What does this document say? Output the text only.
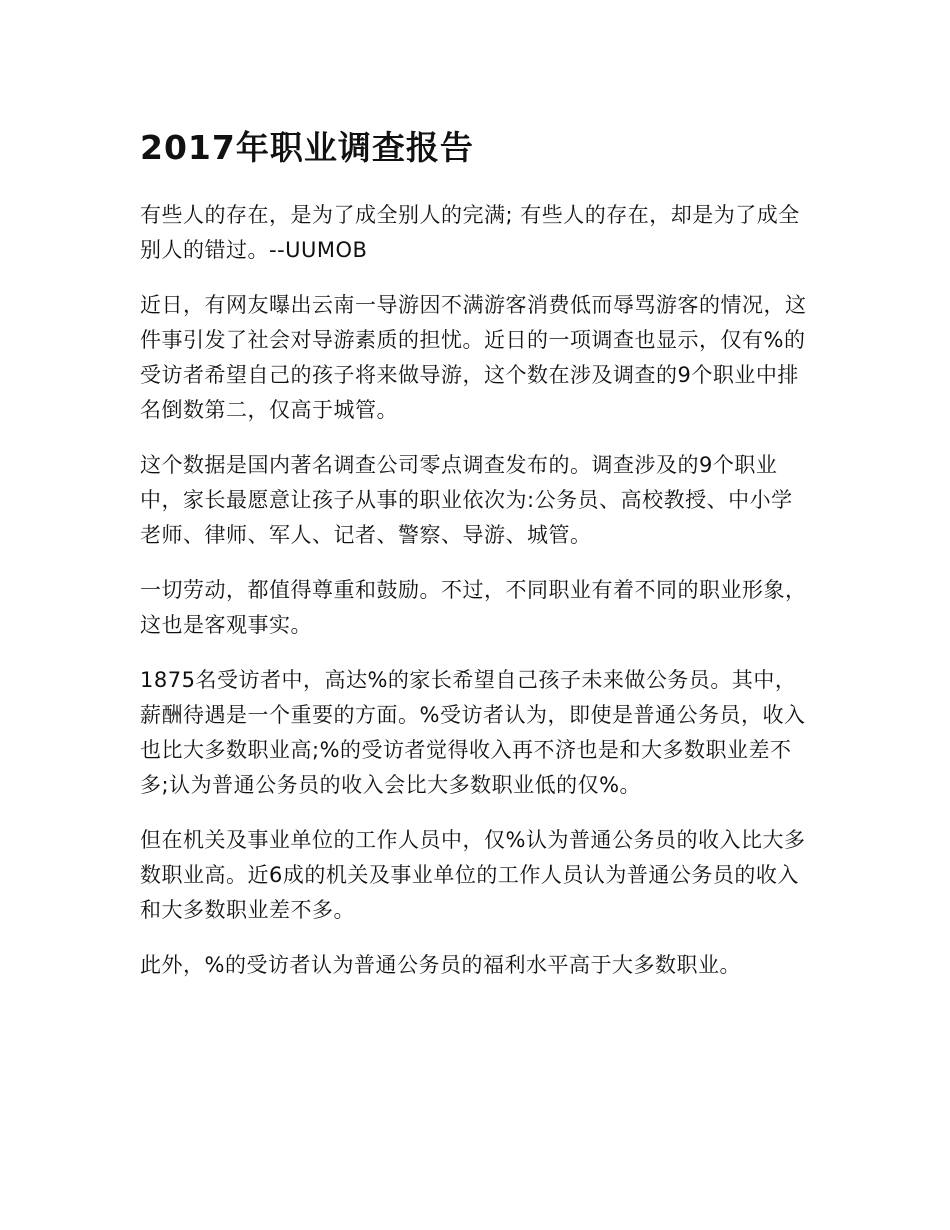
2017年职业调查报告

有些人的存在，是为了成全别人的完满; 有些人的存在，却是为了成全别人的错过。--UUMOB

近日，有网友曝出云南一导游因不满游客消费低而辱骂游客的情况，这件事引发了社会对导游素质的担忧。近日的一项调查也显示，仅有%的受访者希望自己的孩子将来做导游，这个数在涉及调查的9个职业中排名倒数第二，仅高于城管。

这个数据是国内著名调查公司零点调查发布的。调查涉及的9个职业中，家长最愿意让孩子从事的职业依次为:公务员、高校教授、中小学老师、律师、军人、记者、警察、导游、城管。

一切劳动，都值得尊重和鼓励。不过，不同职业有着不同的职业形象，这也是客观事实。

1875名受访者中，高达%的家长希望自己孩子未来做公务员。其中，薪酬待遇是一个重要的方面。%受访者认为，即使是普通公务员，收入也比大多数职业高;%的受访者觉得收入再不济也是和大多数职业差不多;认为普通公务员的收入会比大多数职业低的仅%。

但在机关及事业单位的工作人员中，仅%认为普通公务员的收入比大多数职业高。近6成的机关及事业单位的工作人员认为普通公务员的收入和大多数职业差不多。

此外，%的受访者认为普通公务员的福利水平高于大多数职业。
